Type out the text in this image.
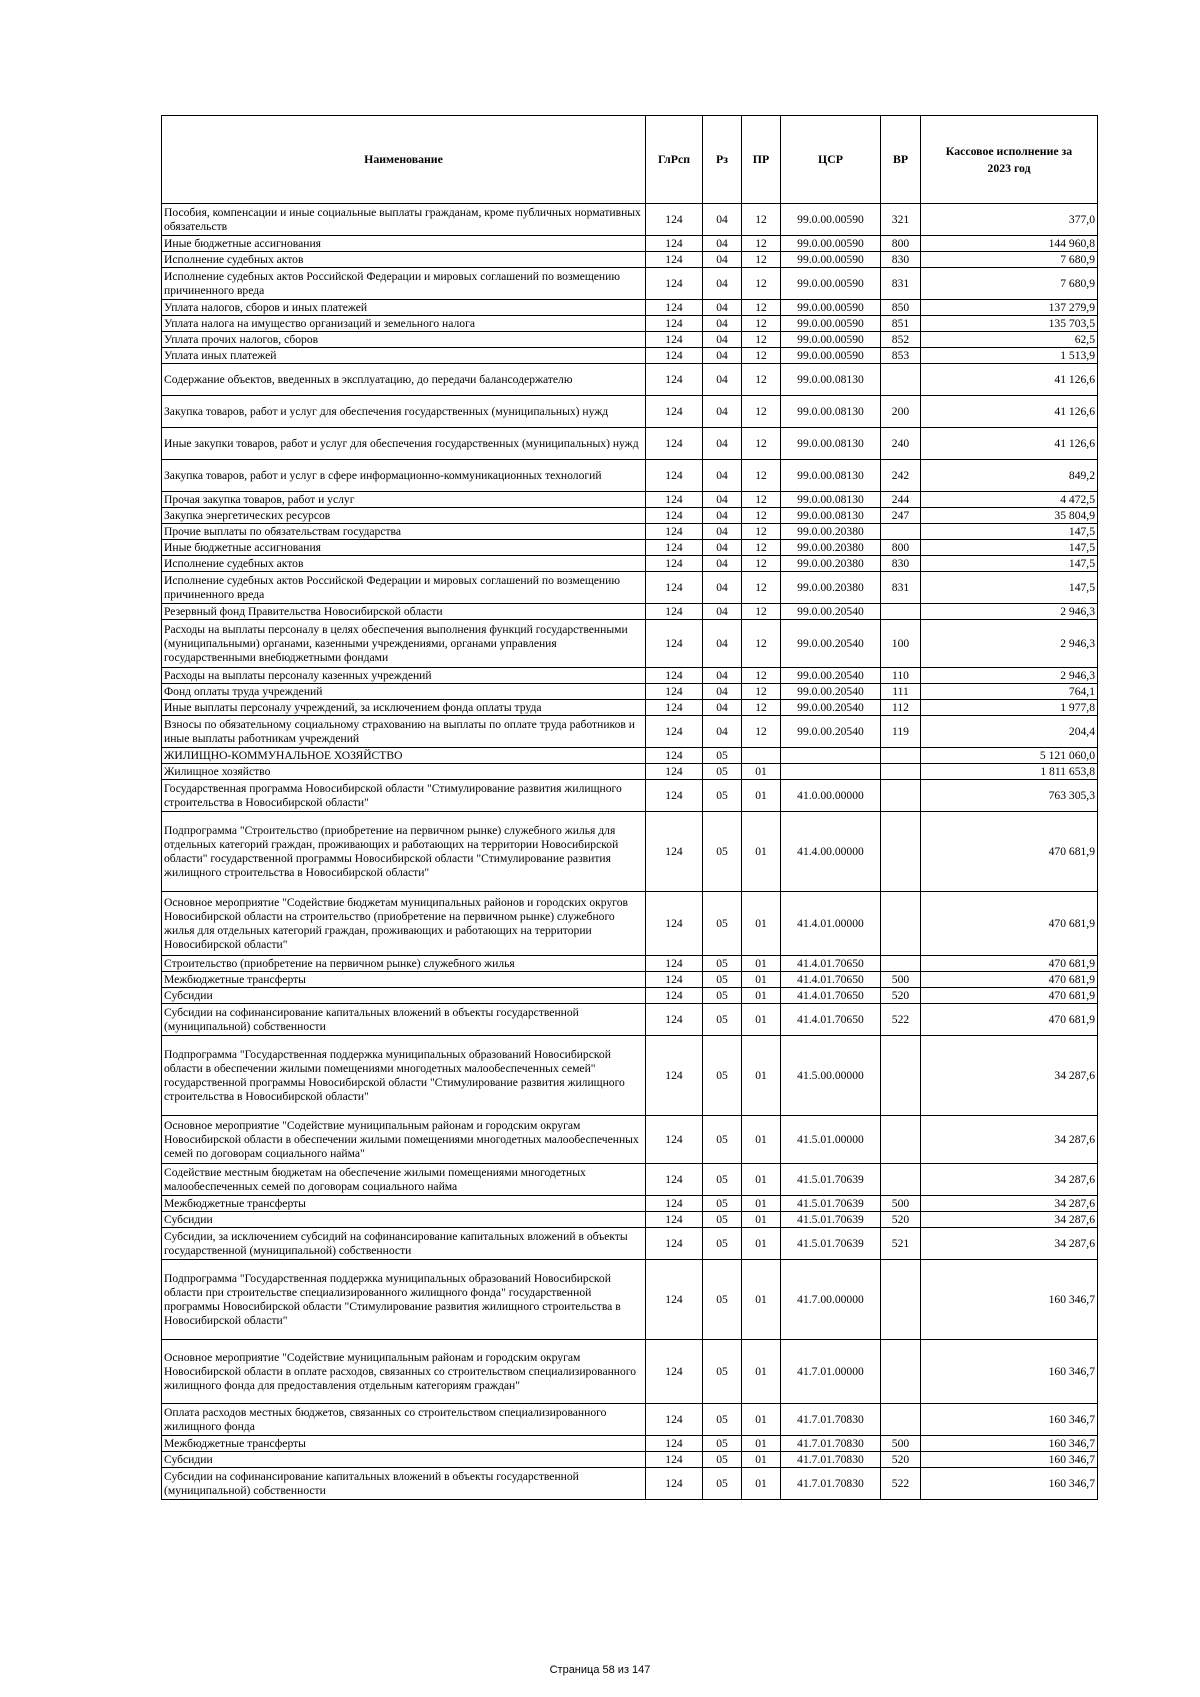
Наименование	ГлРсп	Рз	ПР	ЦСР	ВР	Кассовое исполнение за 2023 год
Пособия, компенсации и иные социальные выплаты гражданам, кроме публичных нормативных обязательств	124	04	12	99.0.00.00590	321	377,0
Иные бюджетные ассигнования	124	04	12	99.0.00.00590	800	144 960,8
Исполнение судебных актов	124	04	12	99.0.00.00590	830	7 680,9
Исполнение судебных актов Российской Федерации и мировых соглашений по возмещению причиненного вреда	124	04	12	99.0.00.00590	831	7 680,9
Уплата налогов, сборов и иных платежей	124	04	12	99.0.00.00590	850	137 279,9
Уплата налога на имущество организаций и земельного налога	124	04	12	99.0.00.00590	851	135 703,5
Уплата прочих налогов, сборов	124	04	12	99.0.00.00590	852	62,5
Уплата иных платежей	124	04	12	99.0.00.00590	853	1 513,9
Содержание объектов, введенных в эксплуатацию, до передачи балансодержателю	124	04	12	99.0.00.08130		41 126,6
Закупка товаров, работ и услуг для обеспечения государственных (муниципальных) нужд	124	04	12	99.0.00.08130	200	41 126,6
Иные закупки товаров, работ и услуг для обеспечения государственных (муниципальных) нужд	124	04	12	99.0.00.08130	240	41 126,6
Закупка товаров, работ и услуг в сфере информационно-коммуникационных технологий	124	04	12	99.0.00.08130	242	849,2
Прочая закупка товаров, работ и услуг	124	04	12	99.0.00.08130	244	4 472,5
Закупка энергетических ресурсов	124	04	12	99.0.00.08130	247	35 804,9
Прочие выплаты по обязательствам государства	124	04	12	99.0.00.20380		147,5
Иные бюджетные ассигнования	124	04	12	99.0.00.20380	800	147,5
Исполнение судебных актов	124	04	12	99.0.00.20380	830	147,5
Исполнение судебных актов Российской Федерации и мировых соглашений по возмещению причиненного вреда	124	04	12	99.0.00.20380	831	147,5
Резервный фонд Правительства Новосибирской области	124	04	12	99.0.00.20540		2 946,3
Расходы на выплаты персоналу в целях обеспечения выполнения функций государственными (муниципальными) органами, казенными учреждениями, органами управления государственными внебюджетными фондами	124	04	12	99.0.00.20540	100	2 946,3
Расходы на выплаты персоналу казенных учреждений	124	04	12	99.0.00.20540	110	2 946,3
Фонд оплаты труда учреждений	124	04	12	99.0.00.20540	111	764,1
Иные выплаты персоналу учреждений, за исключением фонда оплаты труда	124	04	12	99.0.00.20540	112	1 977,8
Взносы по обязательному социальному страхованию на выплаты по оплате труда работников и иные выплаты работникам учреждений	124	04	12	99.0.00.20540	119	204,4
ЖИЛИЩНО-КОММУНАЛЬНОЕ ХОЗЯЙСТВО	124	05				5 121 060,0
Жилищное хозяйство	124	05	01			1 811 653,8
Государственная программа Новосибирской области "Стимулирование развития жилищного строительства в Новосибирской области"	124	05	01	41.0.00.00000		763 305,3
Подпрограмма "Строительство (приобретение на первичном рынке) служебного жилья для отдельных категорий граждан, проживающих и работающих на территории Новосибирской области" государственной программы Новосибирской области "Стимулирование развития жилищного строительства в Новосибирской области"	124	05	01	41.4.00.00000		470 681,9
Основное мероприятие "Содействие бюджетам муниципальных районов и городских округов Новосибирской области на строительство (приобретение на первичном рынке) служебного жилья для отдельных категорий граждан, проживающих и работающих на территории Новосибирской области"	124	05	01	41.4.01.00000		470 681,9
Строительство (приобретение на первичном рынке) служебного жилья	124	05	01	41.4.01.70650		470 681,9
Межбюджетные трансферты	124	05	01	41.4.01.70650	500	470 681,9
Субсидии	124	05	01	41.4.01.70650	520	470 681,9
Субсидии на софинансирование капитальных вложений в объекты государственной (муниципальной) собственности	124	05	01	41.4.01.70650	522	470 681,9
Подпрограмма "Государственная поддержка муниципальных образований Новосибирской области в обеспечении жилыми помещениями многодетных малообеспеченных семей" государственной программы Новосибирской области "Стимулирование развития жилищного строительства в Новосибирской области"	124	05	01	41.5.00.00000		34 287,6
Основное мероприятие "Содействие муниципальным районам и городским округам Новосибирской области в обеспечении жилыми помещениями многодетных малообеспеченных семей по договорам социального найма"	124	05	01	41.5.01.00000		34 287,6
Содействие местным бюджетам на обеспечение жилыми помещениями многодетных малообеспеченных семей по договорам социального найма	124	05	01	41.5.01.70639		34 287,6
Межбюджетные трансферты	124	05	01	41.5.01.70639	500	34 287,6
Субсидии	124	05	01	41.5.01.70639	520	34 287,6
Субсидии, за исключением субсидий на софинансирование капитальных вложений в объекты государственной (муниципальной) собственности	124	05	01	41.5.01.70639	521	34 287,6
Подпрограмма "Государственная поддержка муниципальных образований Новосибирской области при строительстве специализированного жилищного фонда" государственной программы Новосибирской области "Стимулирование развития жилищного строительства в Новосибирской области"	124	05	01	41.7.00.00000		160 346,7
Основное мероприятие "Содействие муниципальным районам и городским округам Новосибирской области в оплате расходов, связанных со строительством специализированного жилищного фонда для предоставления отдельным категориям граждан"	124	05	01	41.7.01.00000		160 346,7
Оплата расходов местных бюджетов, связанных со строительством специализированного жилищного фонда	124	05	01	41.7.01.70830		160 346,7
Межбюджетные трансферты	124	05	01	41.7.01.70830	500	160 346,7
Субсидии	124	05	01	41.7.01.70830	520	160 346,7
Субсидии на софинансирование капитальных вложений в объекты государственной (муниципальной) собственности	124	05	01	41.7.01.70830	522	160 346,7
Страница 58 из 147
